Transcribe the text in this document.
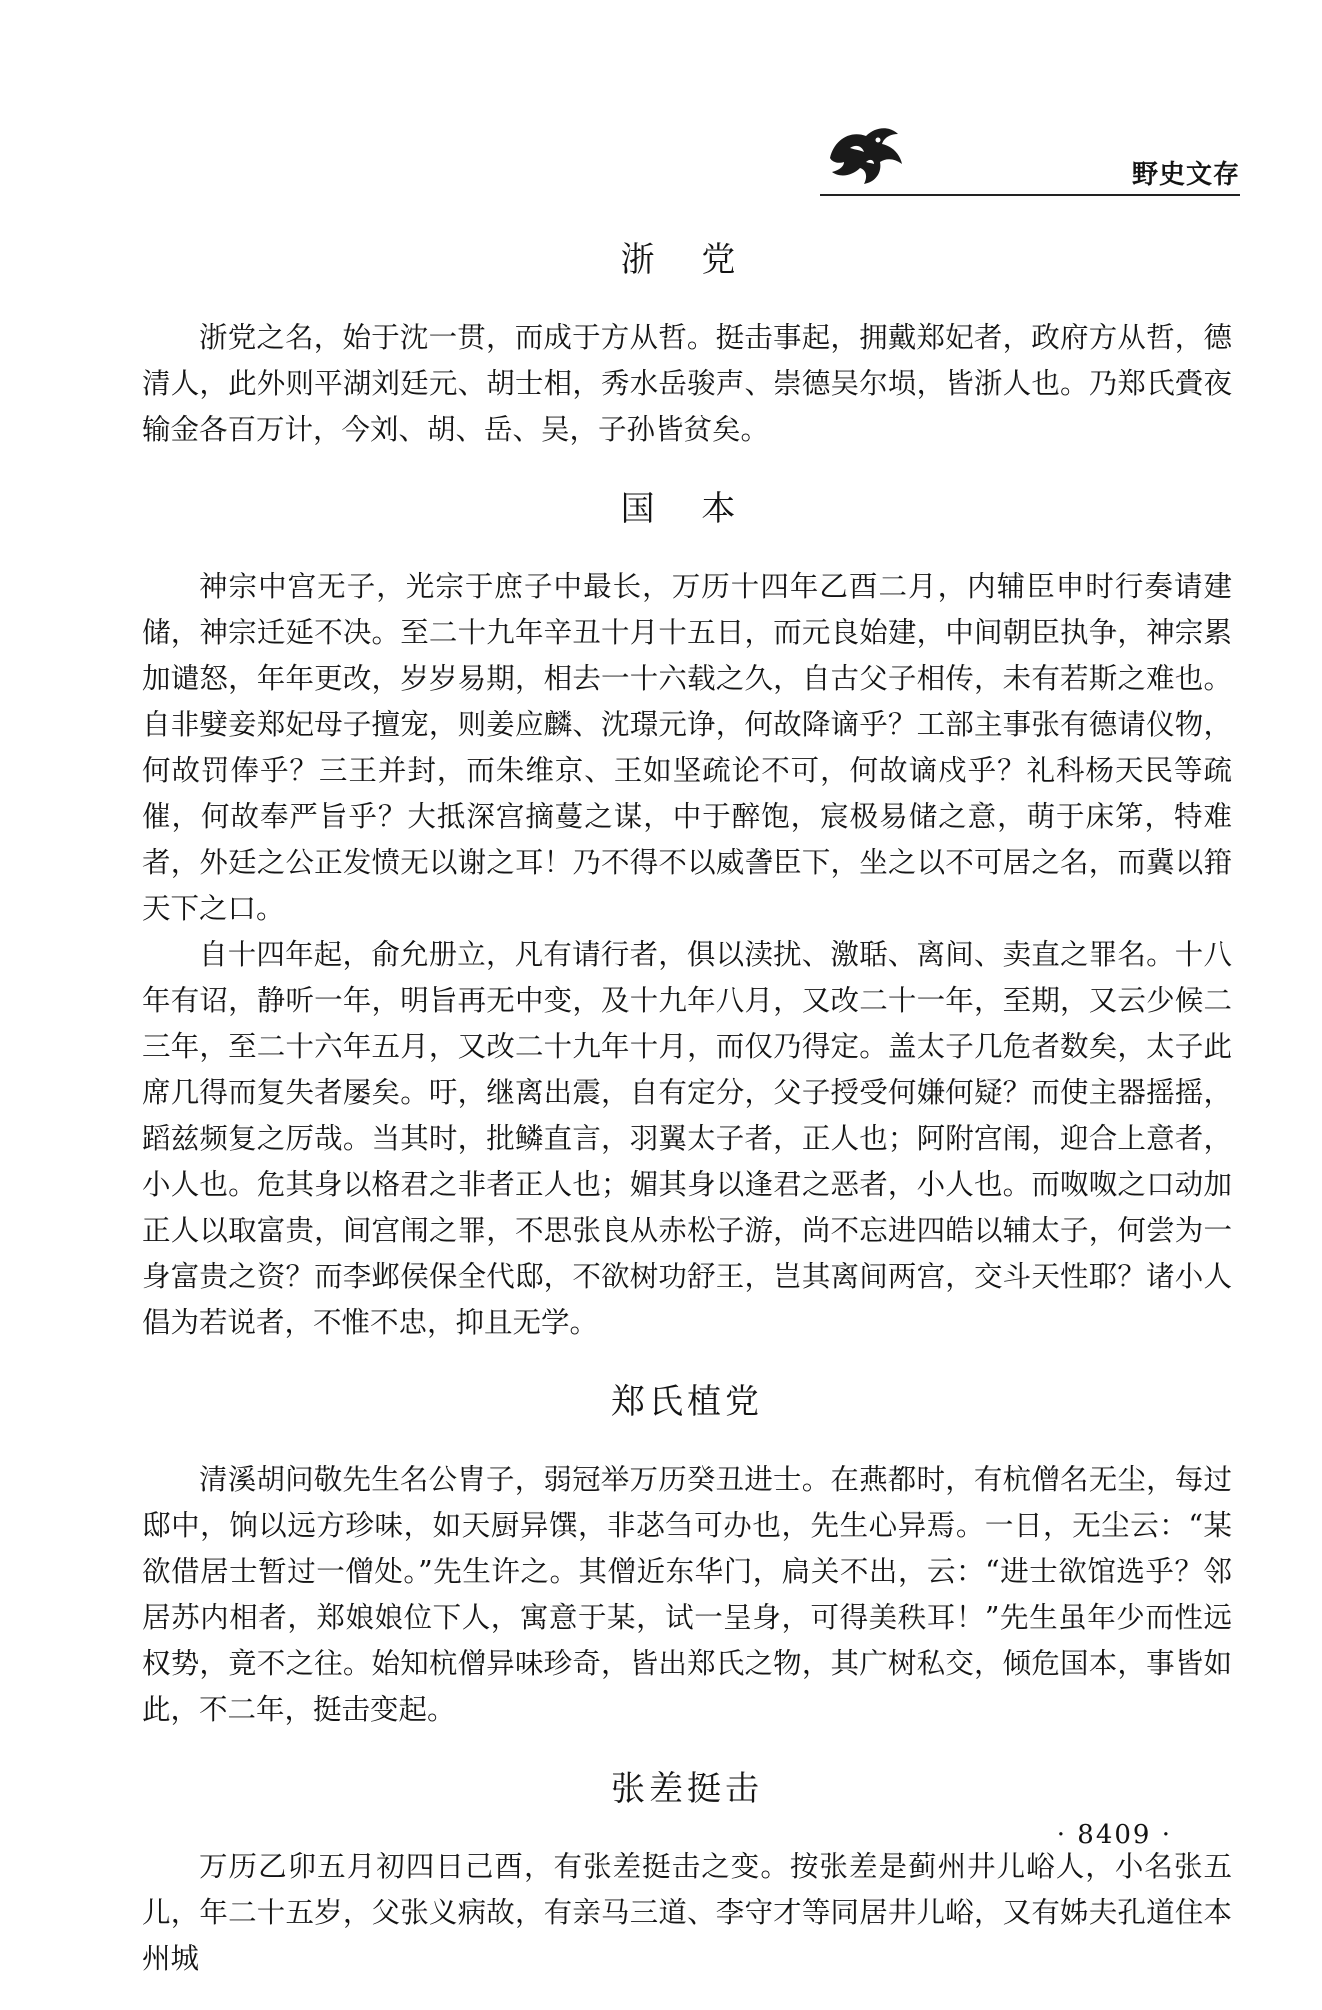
野史文存
浙 党

浙党之名，始于沈一贯，而成于方从哲。挺击事起，拥戴郑妃者，政府方从哲，德清人，此外则平湖刘廷元、胡士相，秀水岳骏声、崇德吴尔埙，皆浙人也。乃郑氏賫夜输金各百万计，今刘、胡、岳、吴，子孙皆贫矣。

国 本

神宗中宫无子，光宗于庶子中最长，万历十四年乙酉二月，内辅臣申时行奏请建储，神宗迁延不决。至二十九年辛丑十月十五日，而元良始建，中间朝臣执争，神宗累加谴怒，年年更改，岁岁易期，相去一十六载之久，自古父子相传，未有若斯之难也。自非嬖妾郑妃母子擅宠，则姜应麟、沈璟元诤，何故降谪乎？工部主事张有德请仪物，何故罚俸乎？三王并封，而朱维京、王如坚疏论不可，何故谪戍乎？礼科杨天民等疏催，何故奉严旨乎？大抵深宫摘蔓之谋，中于醉饱，宸极易储之意，萌于床笫，特难者，外廷之公正发愤无以谢之耳！乃不得不以威詟臣下，坐之以不可居之名，而冀以箝天下之口。

自十四年起，俞允册立，凡有请行者，俱以渎扰、激聒、离间、卖直之罪名。十八年有诏，静听一年，明旨再无中变，及十九年八月，又改二十一年，至期，又云少候二三年，至二十六年五月，又改二十九年十月，而仅乃得定。盖太子几危者数矣，太子此席几得而复失者屡矣。吁，继离出震，自有定分，父子授受何嫌何疑？而使主器摇摇，蹈兹频复之厉哉。当其时，批鳞直言，羽翼太子者，正人也；阿附宫闱，迎合上意者，小人也。危其身以格君之非者正人也；媚其身以逢君之恶者，小人也。而呶呶之口动加正人以取富贵，间宫闱之罪，不思张良从赤松子游，尚不忘进四皓以辅太子，何尝为一身富贵之资？而李邺侯保全代邸，不欲树功舒王，岂其离间两宫，交斗天性耶？诸小人倡为若说者，不惟不忠，抑且无学。

郑氏植党

清溪胡问敬先生名公胄子，弱冠举万历癸丑进士。在燕都时，有杭僧名无尘，每过邸中，饷以远方珍味，如天厨异馔，非苾刍可办也，先生心异焉。一日，无尘云：“某欲借居士暂过一僧处。”先生许之。其僧近东华门，扃关不出，云：“进士欲馆选乎？邻居苏内相者，郑娘娘位下人，寓意于某，试一呈身，可得美秩耳！”先生虽年少而性远权势，竟不之往。始知杭僧异味珍奇，皆出郑氏之物，其广树私交，倾危国本，事皆如此，不二年，挺击变起。

张差挺击

万历乙卯五月初四日己酉，有张差挺击之变。按张差是蓟州井儿峪人，小名张五儿，年二十五岁，父张义病故，有亲马三道、李守才等同居井儿峪，又有姊夫孔道住本州城

· 8409 ·
